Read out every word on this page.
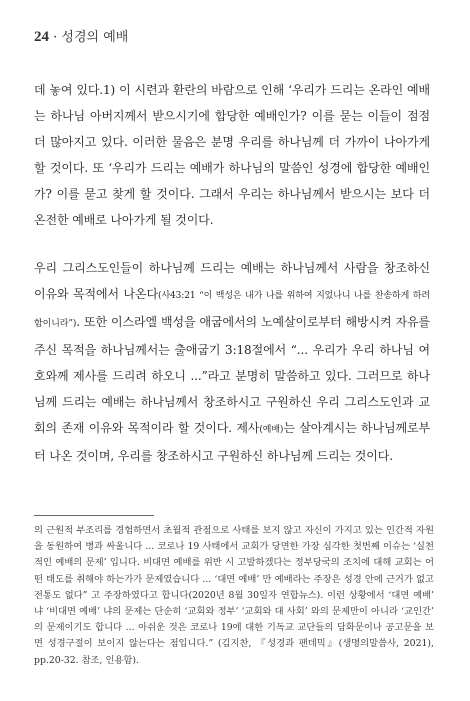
24 · 성경의 예배

데 놓여 있다.1) 이 시련과 환란의 바람으로 인해 ‘우리가 드리는 온라인 예배는 하나님 아버지께서 받으시기에 합당한 예배인가? 이를 묻는 이들이 점점 더 많아지고 있다. 이러한 물음은 분명 우리를 하나님께 더 가까이 나아가게 할 것이다. 또 ‘우리가 드리는 예배가 하나님의 말씀인 성경에 합당한 예배인가? 이를 묻고 찾게 할 것이다. 그래서 우리는 하나님께서 받으시는 보다 더 온전한 예배로 나아가게 될 것이다.

우리 그리스도인들이 하나님께 드리는 예배는 하나님께서 사람을 창조하신 이유와 목적에서 나온다(사43:21 “이 백성은 내가 나를 위하여 지었나니 나를 찬송하게 하려 함이니라”). 또한 이스라엘 백성을 애굽에서의 노예살이로부터 해방시켜 자유를 주신 목적을 하나님께서는 출애굽기 3:18절에서 “... 우리가 우리 하나님 여호와께 제사를 드리려 하오니 ...”라고 분명히 말씀하고 있다. 그러므로 하나님께 드리는 예배는 하나님께서 창조하시고 구원하신 우리 그리스도인과 교회의 존재 이유와 목적이라 할 것이다. 제사(예배)는 살아계시는 하나님께로부터 나온 것이며, 우리를 창조하시고 구원하신 하나님께 드리는 것이다.

의 근원적 부조리를 경험하면서 초월적 관점으로 사태를 보지 않고 자신이 가지고 있는 인간적 자원을 동원하여 병과 싸울니다 ... 코로나 19 사태에서 교회가 당면한 가장 심각한 첫번째 이슈는 ‘실천적인 예배의 문제’ 입니다. 비대면 예배를 위반 시 고발하겠다는 정부당국의 조치에 대해 교회는 어떤 태도를 취해야 하는가가 문제였습니다 ... ‘대면 예배’ 만 예배라는 주장은 성경 안에 근거가 없고 전통도 없다” 고 주장하였다고 합니다(2020년 8월 30일자 연합뉴스). 이런 상황에서 ‘대면 예배’ 냐 ‘비대면 예배’ 냐의 문제는 단순히 ‘교회와 정부’ ‘교회와 대 사회’ 와의 문제만이 아니라 ‘교인간’ 의 문제이기도 합니다 ... 아쉬운 것은 코로나 19에 대한 기독교 교단들의 담화문이나 공고문을 보면 성경구절이 보이지 않는다는 점입니다.” (김지찬, 『성경과 팬데믹』(생명의말씀사, 2021), pp.20-32. 참조, 인용함).
